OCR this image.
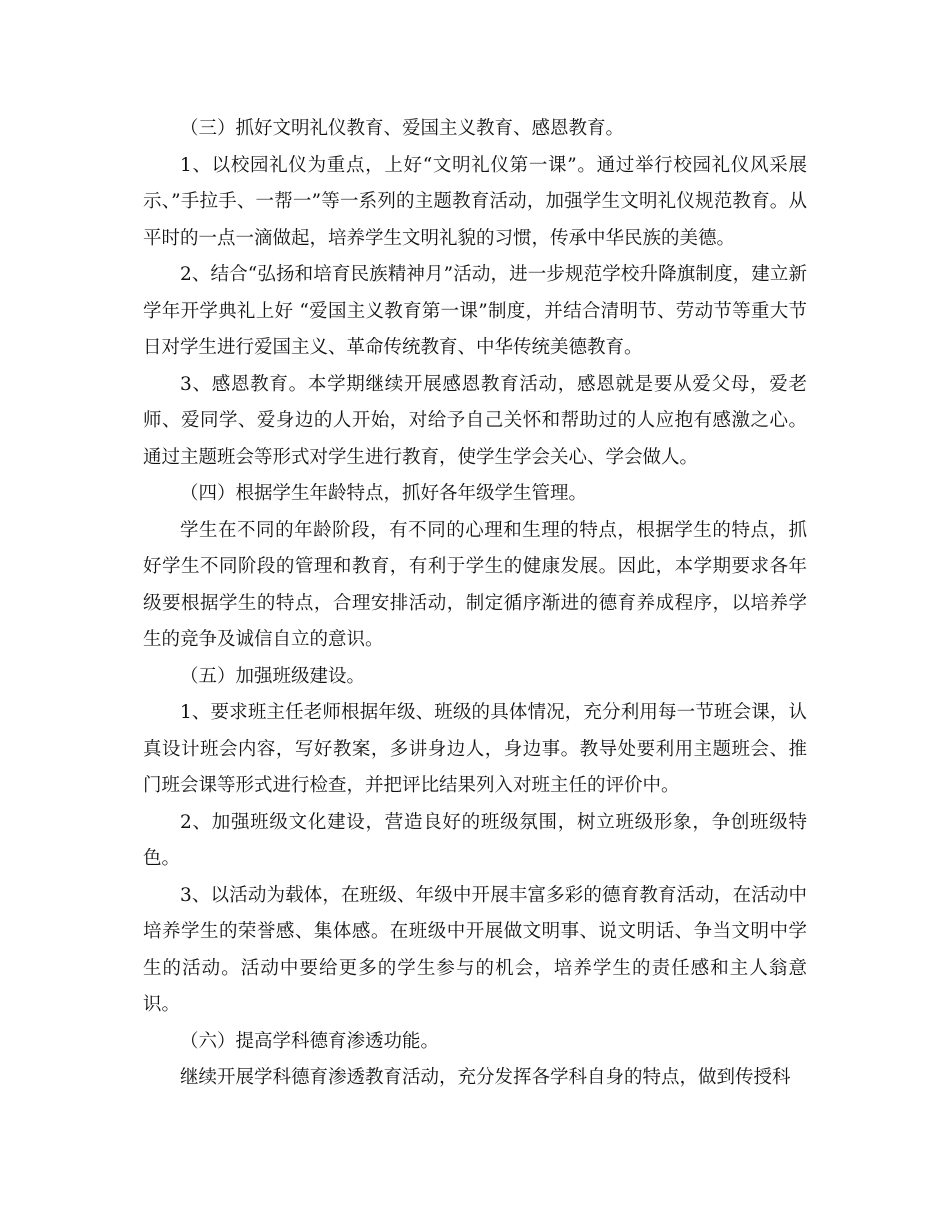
（三）抓好文明礼仪教育、爱国主义教育、感恩教育。

1、以校园礼仪为重点，上好“文明礼仪第一课”。通过举行校园礼仪风采展示、”手拉手、一帮一”等一系列的主题教育活动，加强学生文明礼仪规范教育。从平时的一点一滴做起，培养学生文明礼貌的习惯，传承中华民族的美德。

2、结合“弘扬和培育民族精神月”活动，进一步规范学校升降旗制度，建立新学年开学典礼上好 “爱国主义教育第一课”制度，并结合清明节、劳动节等重大节日对学生进行爱国主义、革命传统教育、中华传统美德教育。

3、感恩教育。本学期继续开展感恩教育活动，感恩就是要从爱父母，爱老师、爱同学、爱身边的人开始，对给予自己关怀和帮助过的人应抱有感激之心。通过主题班会等形式对学生进行教育，使学生学会关心、学会做人。

（四）根据学生年龄特点，抓好各年级学生管理。

学生在不同的年龄阶段，有不同的心理和生理的特点，根据学生的特点，抓好学生不同阶段的管理和教育，有利于学生的健康发展。因此，本学期要求各年级要根据学生的特点，合理安排活动，制定循序渐进的德育养成程序，以培养学生的竞争及诚信自立的意识。

（五）加强班级建设。

1、要求班主任老师根据年级、班级的具体情况，充分利用每一节班会课，认真设计班会内容，写好教案，多讲身边人，身边事。教导处要利用主题班会、推门班会课等形式进行检查，并把评比结果列入对班主任的评价中。

2、加强班级文化建设，营造良好的班级氛围，树立班级形象，争创班级特色。

3、以活动为载体，在班级、年级中开展丰富多彩的德育教育活动，在活动中培养学生的荣誉感、集体感。在班级中开展做文明事、说文明话、争当文明中学生的活动。活动中要给更多的学生参与的机会，培养学生的责任感和主人翁意识。

（六）提高学科德育渗透功能。

继续开展学科德育渗透教育活动，充分发挥各学科自身的特点，做到传授科
